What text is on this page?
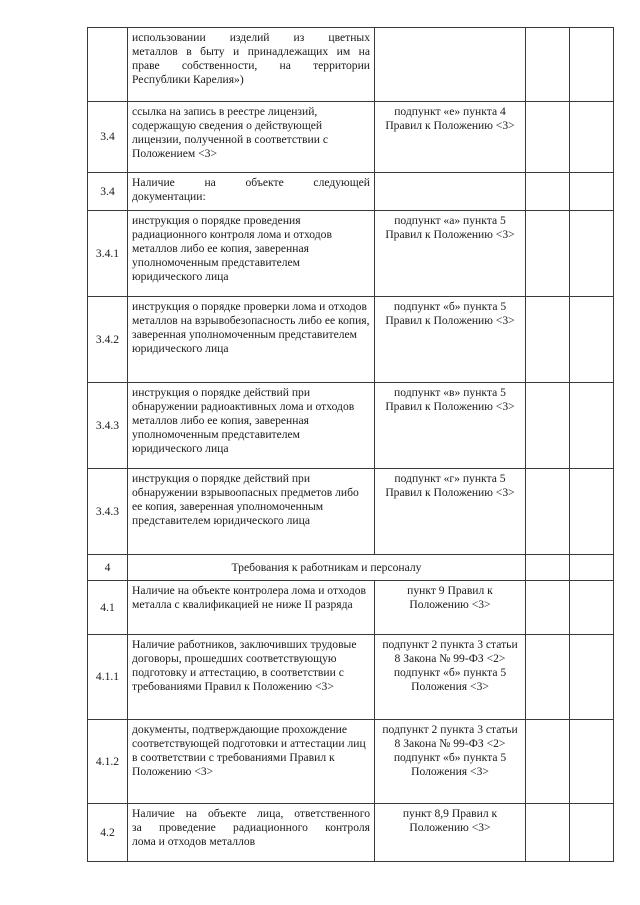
	использовании изделий из цветных
металлов в быту и принадлежащих им на
праве собственности, на территории
Республики Карелия»)			

3.4	ссылка на запись в реестре лицензий, содержащую сведения о действующей лицензии, полученной в соответствии с Положением <3>	подпункт «е» пункта 4 Правил к Положению <3>		
3.4	Наличие на объекте следующей
документации:			

3.4.1	инструкция о порядке проведения радиационного контроля лома и отходов металлов либо ее копия, заверенная уполномоченным представителем юридического лица	подпункт «а» пункта 5 Правил к Положению <3>		
3.4.2	инструкция о порядке проверки лома и отходов металлов на взрывобезопасность либо ее копия, заверенная уполномоченным представителем юридического лица	подпункт «б» пункта 5 Правил к Положению <3>		
3.4.3	инструкция о порядке действий при обнаружении радиоактивных лома и отходов металлов либо ее копия, заверенная уполномоченным представителем юридического лица	подпункт «в» пункта 5 Правил к Положению <3>		
3.4.3	инструкция о порядке действий при обнаружении взрывоопасных предметов либо ее копия, заверенная уполномоченным представителем юридического лица	подпункт «г» пункта 5 Правил к Положению <3>		
4	Требования к работникам и персоналу			
4.1	Наличие на объекте контролера лома и отходов металла с квалификацией не ниже II разряда	пункт 9 Правил к Положению <3>		
4.1.1	Наличие работников, заключивших трудовые договоры, прошедших соответствующую подготовку и аттестацию, в соответствии с требованиями Правил к Положению <3>	подпункт 2 пункта 3 статьи 8 Закона № 99-ФЗ <2> подпункт «б» пункта 5 Положения <3>		
4.1.2	документы, подтверждающие прохождение соответствующей подготовки и аттестации лиц в соответствии с требованиями Правил к Положению <3>	подпункт 2 пункта 3 статьи 8 Закона № 99-ФЗ <2> подпункт «б» пункта 5 Положения <3>		
4.2	Наличие на объекте лица, ответственного
за проведение радиационного контроля
лома и отходов металлов	пункт 8,9 Правил к Положению <3>		
